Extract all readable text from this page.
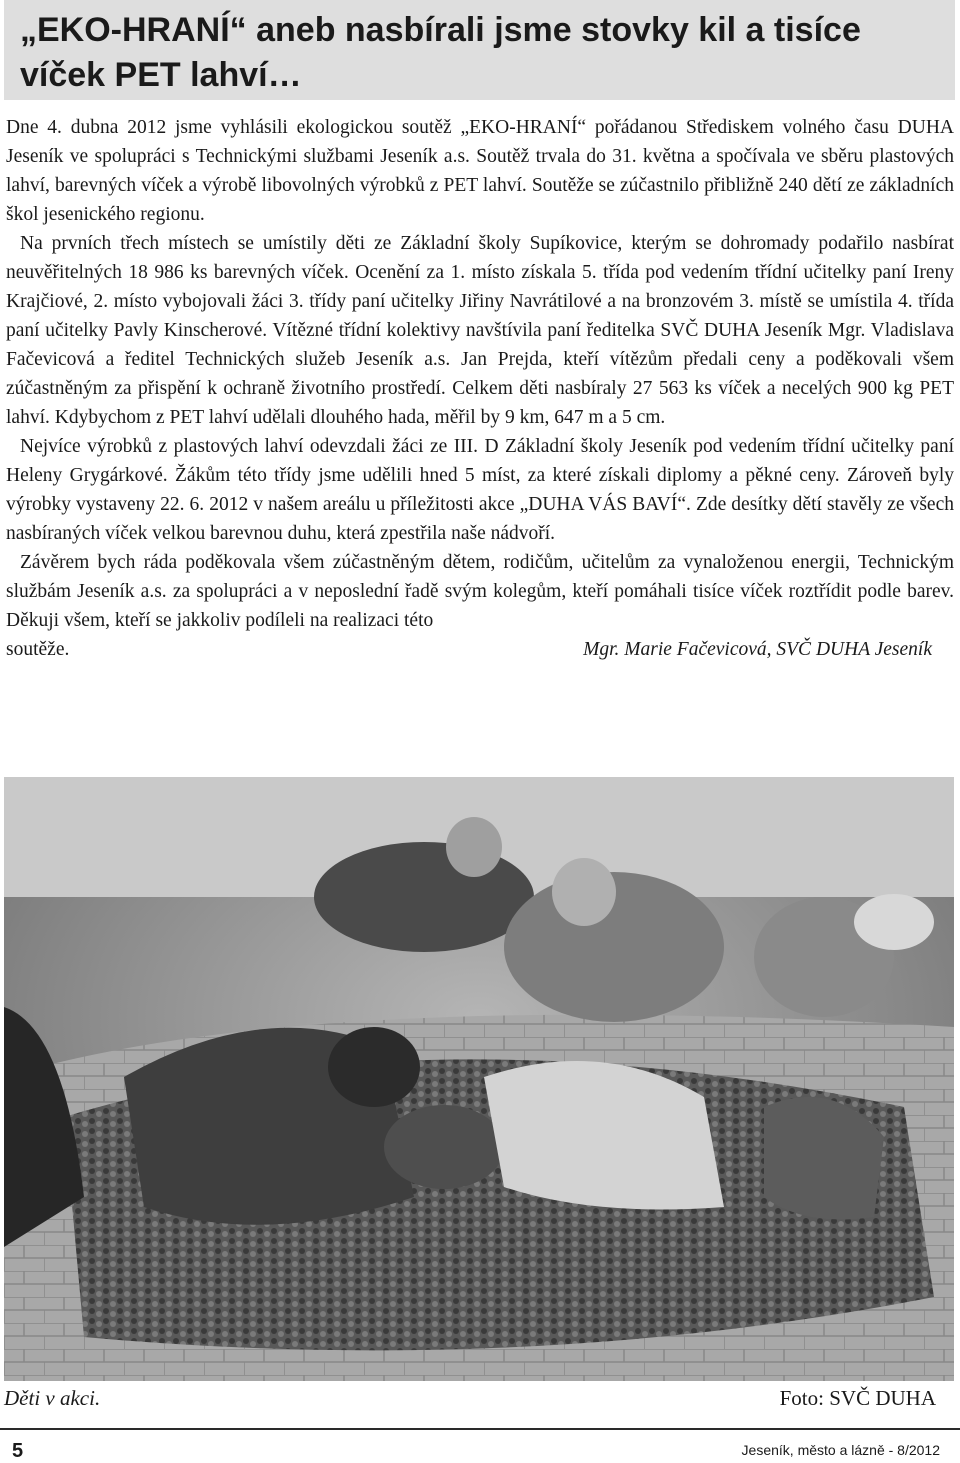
„EKO-HRANÍ“ aneb nasbírali jsme stovky kil a tisíce víček PET lahví…

Dne 4. dubna 2012 jsme vyhlásili ekologickou soutěž „EKO-HRANÍ“ pořádanou Střediskem volného času DUHA Jeseník ve spolupráci s Technickými službami Jeseník a.s. Soutěž trvala do 31. května a spočívala ve sběru plastových lahví, barevných víček a výrobě libovolných výrobků z PET lahví. Soutěže se zúčastnilo přibližně 240 dětí ze základních škol jesenického regionu.

Na prvních třech místech se umístily děti ze Základní školy Supíkovice, kterým se dohromady podařilo nasbírat neuvěřitelných 18 986 ks barevných víček. Ocenění za 1. místo získala 5. třída pod vedením třídní učitelky paní Ireny Krajčiové, 2. místo vybojovali žáci 3. třídy paní učitelky Jiřiny Navrátilové a na bronzovém 3. místě se umístila 4. třída paní učitelky Pavly Kinscherové. Vítězné třídní kolektivy navštívila paní ředitelka SVČ DUHA Jeseník Mgr. Vladislava Fačevicová a ředitel Technických služeb Jeseník a.s. Jan Prejda, kteří vítězům předali ceny a poděkovali všem zúčastněným za přispění k ochraně životního prostředí. Celkem děti nasbíraly 27 563 ks víček a necelých 900 kg PET lahví. Kdybychom z PET lahví udělali dlouhého hada, měřil by 9 km, 647 m a 5 cm.

Nejvíce výrobků z plastových lahví odevzdali žáci ze III. D Základní školy Jeseník pod vedením třídní učitelky paní Heleny Grygárkové. Žákům této třídy jsme udělili hned 5 míst, za které získali diplomy a pěkné ceny. Zároveň byly výrobky vystaveny 22. 6. 2012 v našem areálu u příležitosti akce „DUHA VÁS BAVÍ“. Zde desítky dětí stavěly ze všech nasbíraných víček velkou barevnou duhu, která zpestřila naše nádvoří.

Závěrem bych ráda poděkovala všem zúčastněným dětem, rodičům, učitelům za vynaloženou energii, Technickým službám Jeseník a.s. za spolupráci a v neposlední řadě svým kolegům, kteří pomáhali tisíce víček roztřídit podle barev. Děkuji všem, kteří se jakkoliv podíleli na realizaci této

soutěže.	Mgr. Marie Fačevicová, SVČ DUHA Jeseník

Děti v akci.	Foto: SVČ DUHA
5	Jeseník, město a lázně - 8/2012
